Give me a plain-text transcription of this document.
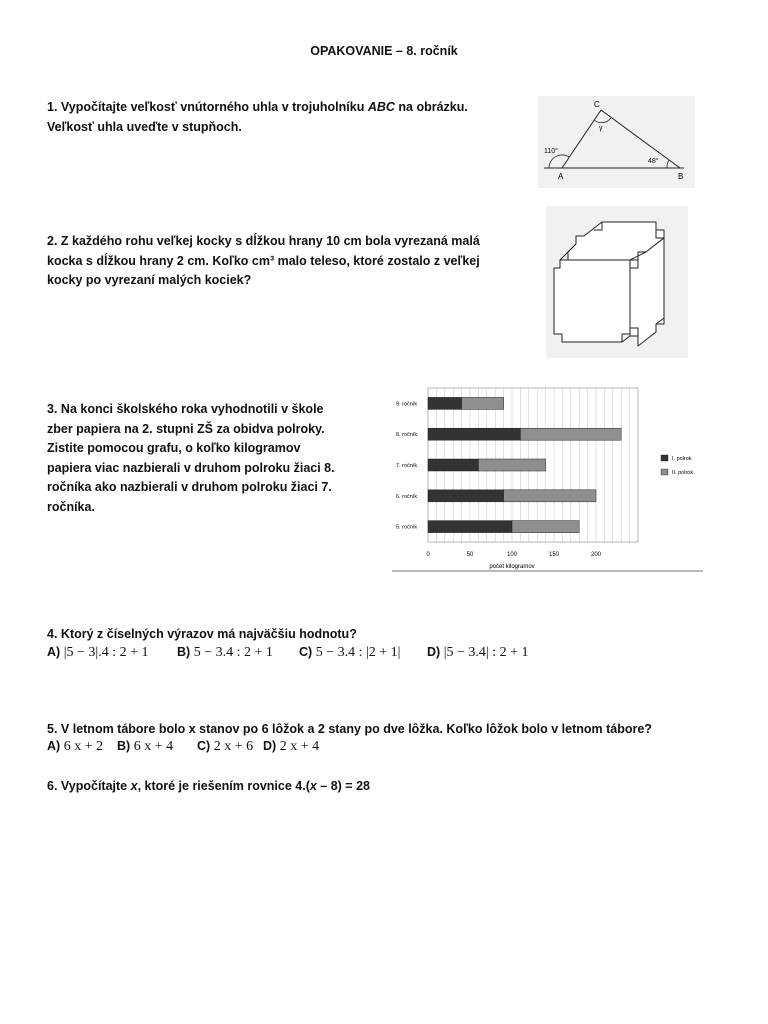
OPAKOVANIE – 8. ročník
1. Vypočítajte veľkosť vnútorného uhla v trojuholníku ABC na obrázku. Veľkosť uhla uveďte v stupňoch.
C
γ
110°
48°
A	B
2. Z každého rohu veľkej kocky s dĺžkou hrany 10 cm bola vyrezaná malá kocka s dĺžkou hrany 2 cm. Koľko cm³ malo teleso, ktoré zostalo z veľkej kocky po vyrezaní malých kociek?
3. Na konci školského roka vyhodnotili v škole zber papiera na 2. stupni ZŠ za obidva polroky. Zistite pomocou grafu, o koľko kilogramov papiera viac nazbierali v druhom polroku žiaci 8. ročníka ako nazbierali v druhom polroku žiaci 7. ročníka.
9. ročník
8. ročník
7. ročník
6. ročník
5. ročník
0	50	100	150	200
počet kilogramov
I. polrok
II. polrok
4. Ktorý z číselných výrazov má najväčšiu hodnotu?
A) |5 − 3|.4 : 2 + 1 B) 5 − 3.4 : 2 + 1 C) 5 − 3.4 : |2 + 1| D) |5 − 3.4| : 2 + 1
5. V letnom tábore bolo x stanov po 6 lôžok a 2 stany po dve lôžka. Koľko lôžok bolo v letnom tábore?
A) 6 x + 2 B) 6 x + 4 C) 2 x + 6 D) 2 x + 4
6. Vypočítajte x, ktoré je riešením rovnice 4.(x – 8) = 28
